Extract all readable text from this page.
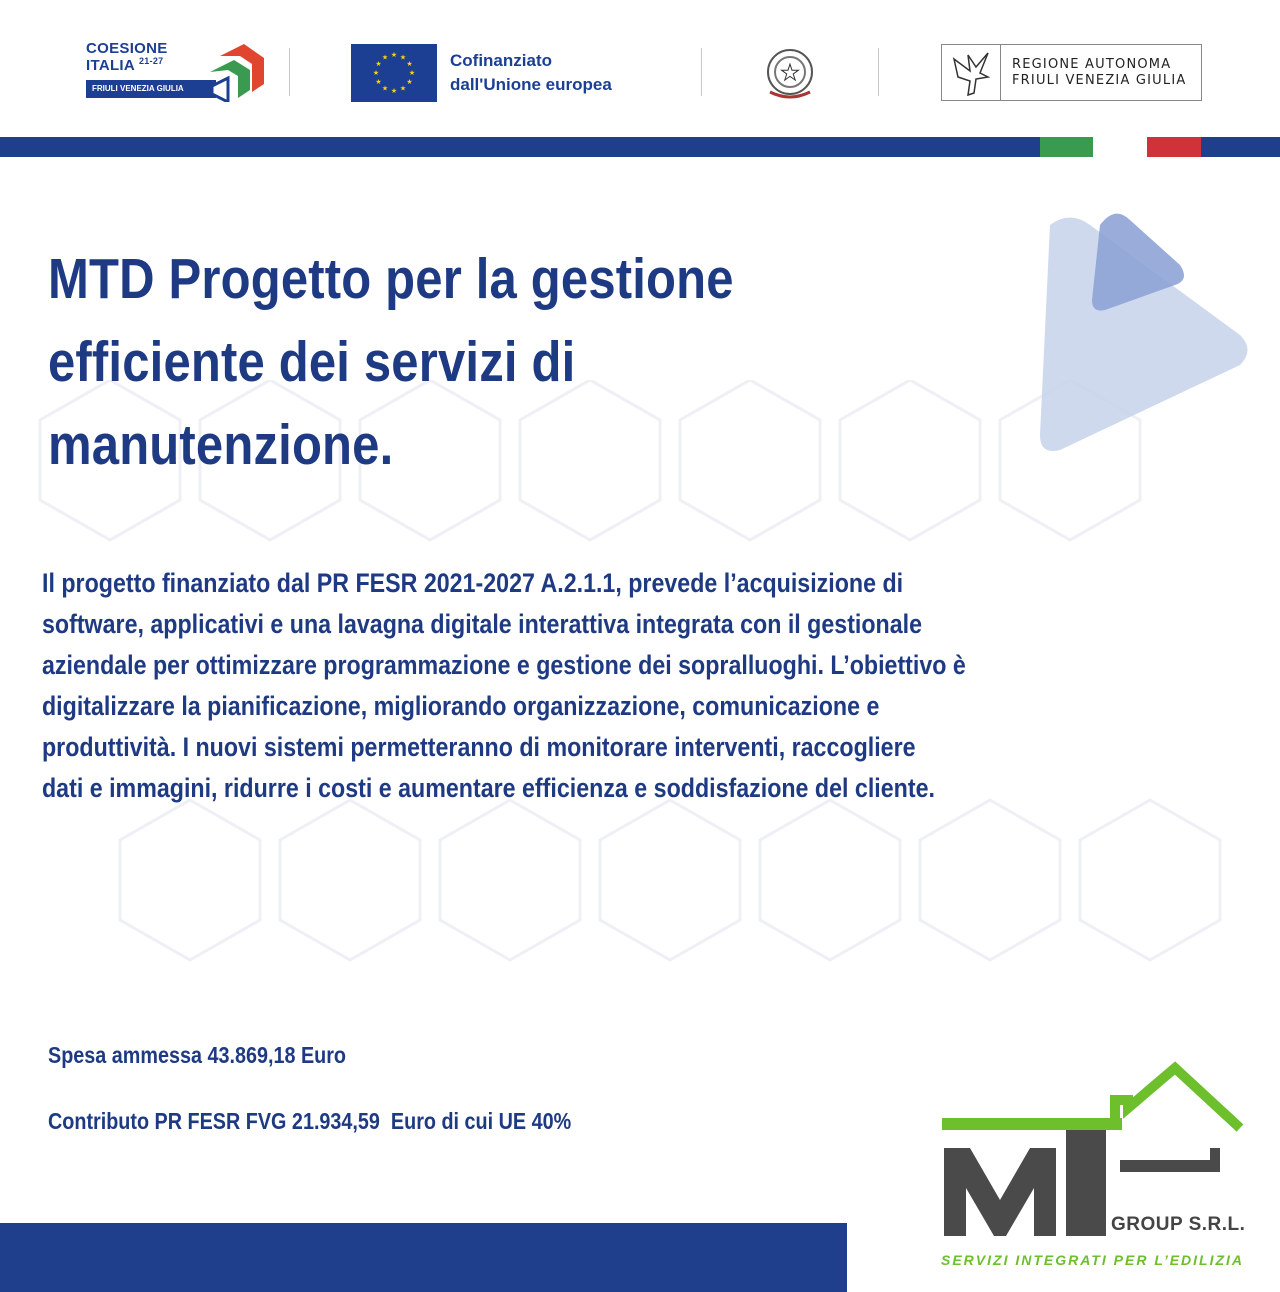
COESIONE
ITALIA $^{21-27}$
FRIULI VENEZIA GIULIA
★ ★
★
★
★
★
★
★
★
★
★
★	Cofinanziato
dall'Unione europea	★	REGIONE AUTONOMA
FRIULI VENEZIA GIULIA
MTD Progetto per la gestione
efficiente dei servizi di
manutenzione.
Il progetto finanziato dal PR FESR 2021-2027 A.2.1.1, prevede l’acquisizione di
software, applicativi e una lavagna digitale interattiva integrata con il gestionale
aziendale per ottimizzare programmazione e gestione dei sopralluoghi. L’obiettivo è
digitalizzare la pianificazione, migliorando organizzazione, comunicazione e
produttività. I nuovi sistemi permetteranno di monitorare interventi, raccogliere
dati e immagini, ridurre i costi e aumentare efficienza e soddisfazione del cliente.
Spesa ammessa 43.869,18 Euro
Contributo PR FESR FVG 21.934,59  Euro di cui UE 40%
GROUP S.R.L.
SERVIZI INTEGRATI PER L’EDILIZIA
